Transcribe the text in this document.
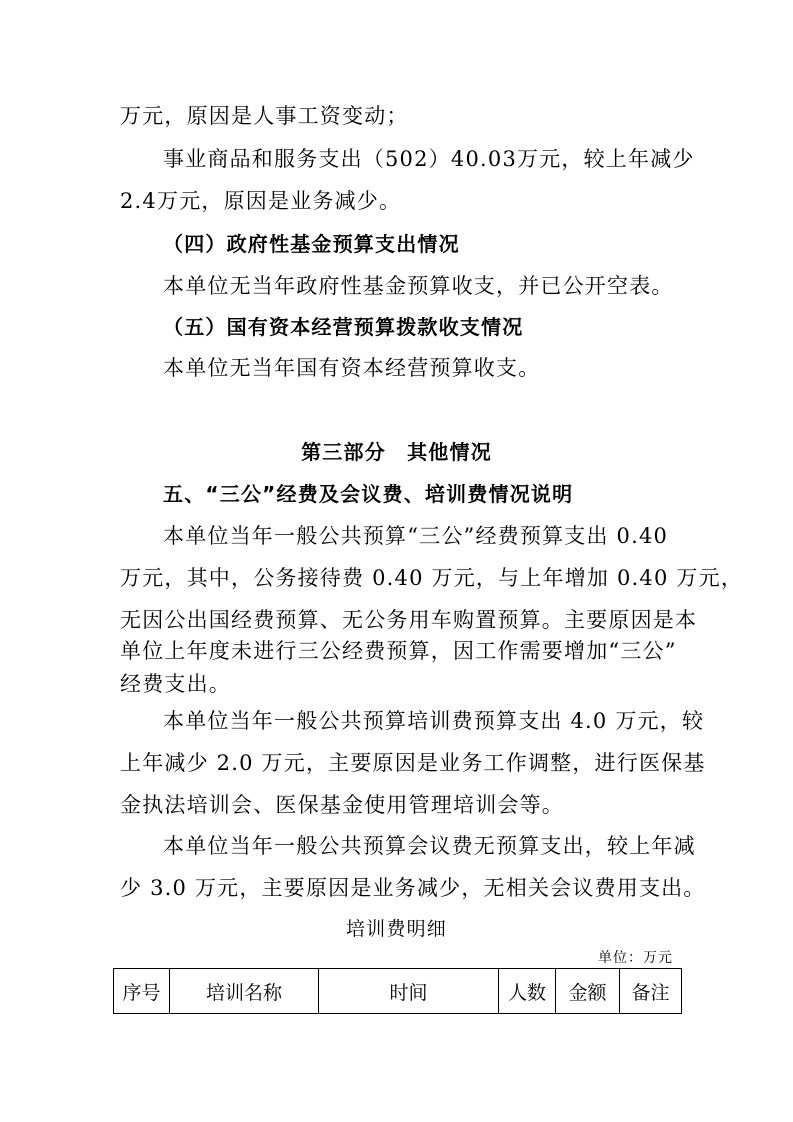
万元，原因是人事工资变动；
事业商品和服务支出（502）40.03万元，较上年减少
2.4万元，原因是业务减少。
（四）政府性基金预算支出情况
本单位无当年政府性基金预算收支，并已公开空表。
（五）国有资本经营预算拨款收支情况
本单位无当年国有资本经营预算收支。
第三部分　其他情况
五、“三公”经费及会议费、培训费情况说明
本单位当年一般公共预算“三公”经费预算支出 0.40
万元，其中，公务接待费 0.40 万元，与上年增加 0.40 万元，
无因公出国经费预算、无公务用车购置预算。主要原因是本
单位上年度未进行三公经费预算，因工作需要增加“三公”
经费支出。
本单位当年一般公共预算培训费预算支出 4.0 万元，较
上年减少 2.0 万元，主要原因是业务工作调整，进行医保基
金执法培训会、医保基金使用管理培训会等。
本单位当年一般公共预算会议费无预算支出，较上年减
少 3.0 万元，主要原因是业务减少，无相关会议费用支出。
培训费明细
单位：万元
序号	培训名称	时间	人数	金额	备注
